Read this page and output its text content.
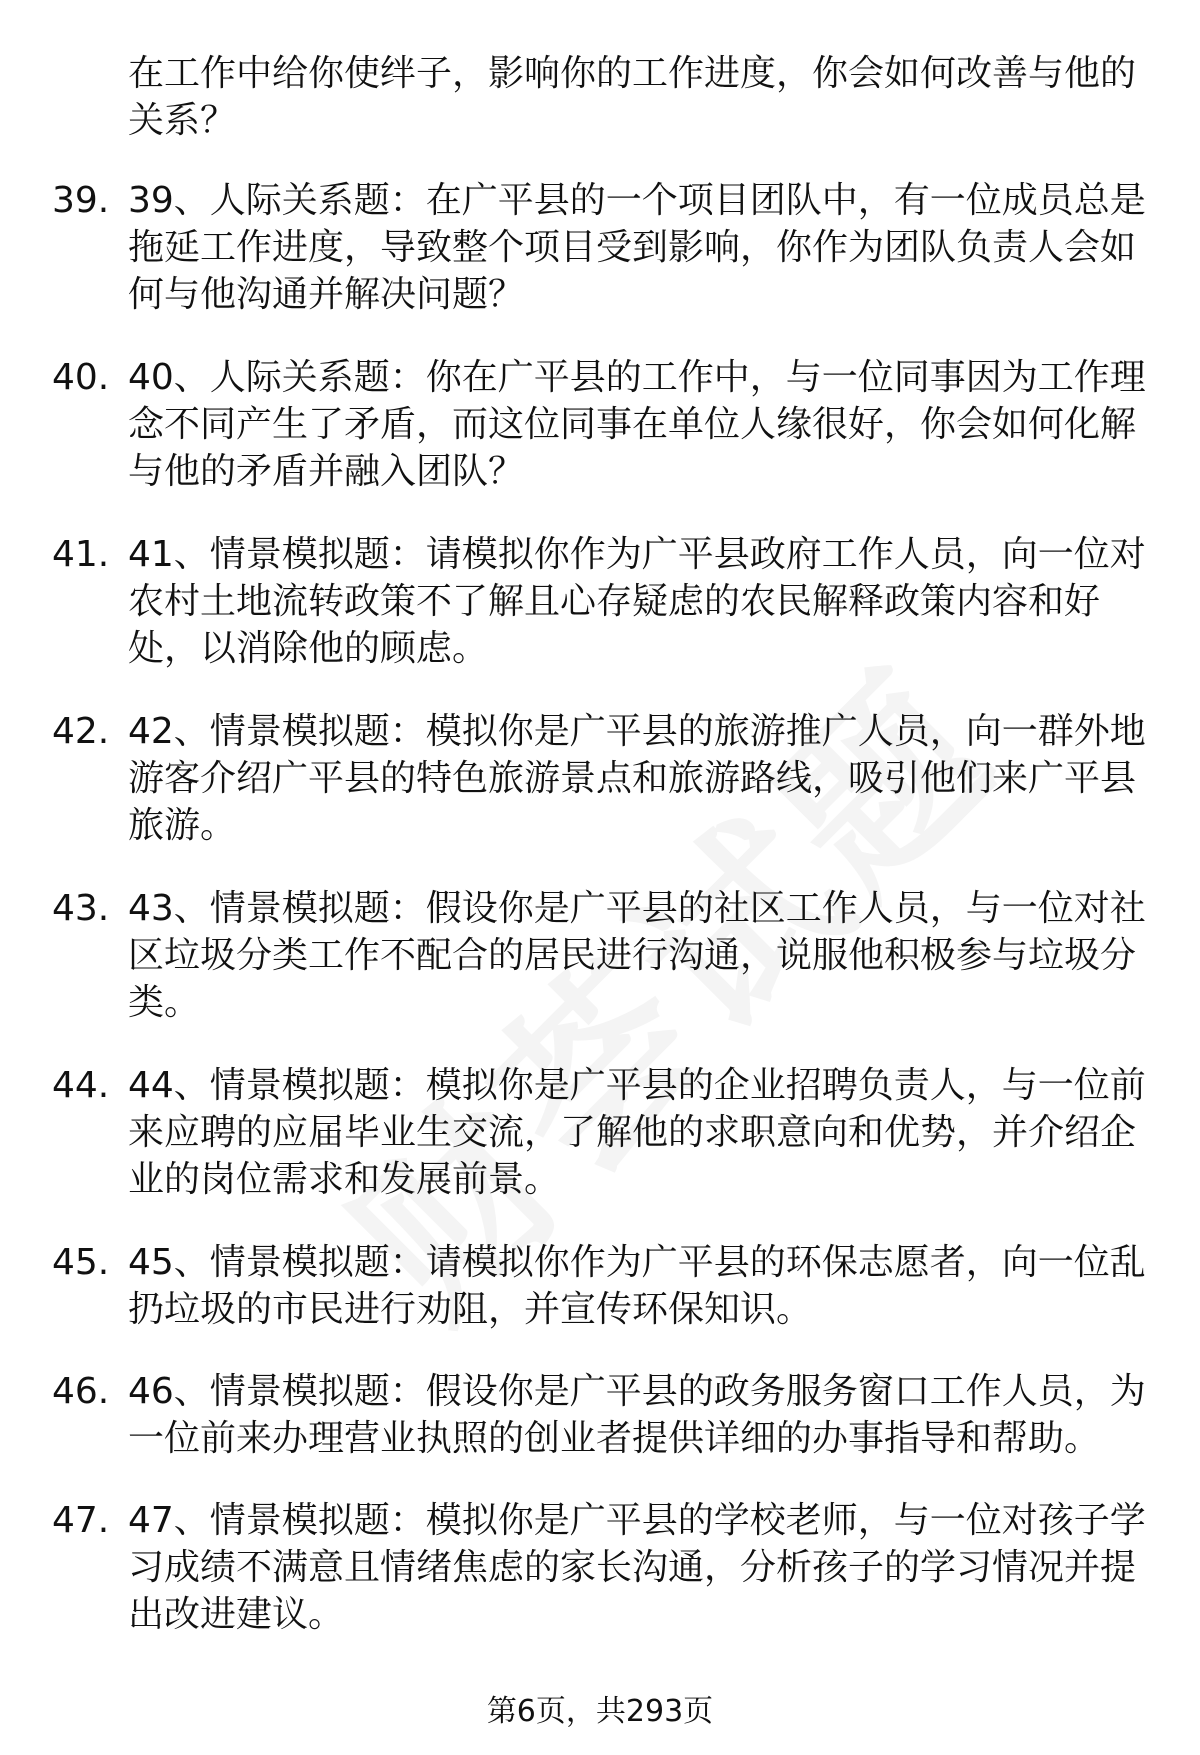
在工作中给你使绊子，影响你的工作进度，你会如何改善与他的关系？
39. 39、人际关系题：在广平县的一个项目团队中，有一位成员总是拖延工作进度，导致整个项目受到影响，你作为团队负责人会如何与他沟通并解决问题？
40. 40、人际关系题：你在广平县的工作中，与一位同事因为工作理念不同产生了矛盾，而这位同事在单位人缘很好，你会如何化解与他的矛盾并融入团队？
41. 41、情景模拟题：请模拟你作为广平县政府工作人员，向一位对农村土地流转政策不了解且心存疑虑的农民解释政策内容和好处，以消除他的顾虑。
42. 42、情景模拟题：模拟你是广平县的旅游推广人员，向一群外地游客介绍广平县的特色旅游景点和旅游路线，吸引他们来广平县旅游。
43. 43、情景模拟题：假设你是广平县的社区工作人员，与一位对社区垃圾分类工作不配合的居民进行沟通，说服他积极参与垃圾分类。
44. 44、情景模拟题：模拟你是广平县的企业招聘负责人，与一位前来应聘的应届毕业生交流，了解他的求职意向和优势，并介绍企业的岗位需求和发展前景。
45. 45、情景模拟题：请模拟你作为广平县的环保志愿者，向一位乱扔垃圾的市民进行劝阻，并宣传环保知识。
46. 46、情景模拟题：假设你是广平县的政务服务窗口工作人员，为一位前来办理营业执照的创业者提供详细的办事指导和帮助。
47. 47、情景模拟题：模拟你是广平县的学校老师，与一位对孩子学习成绩不满意且情绪焦虑的家长沟通，分析孩子的学习情况并提出改进建议。
第6页，共293页
